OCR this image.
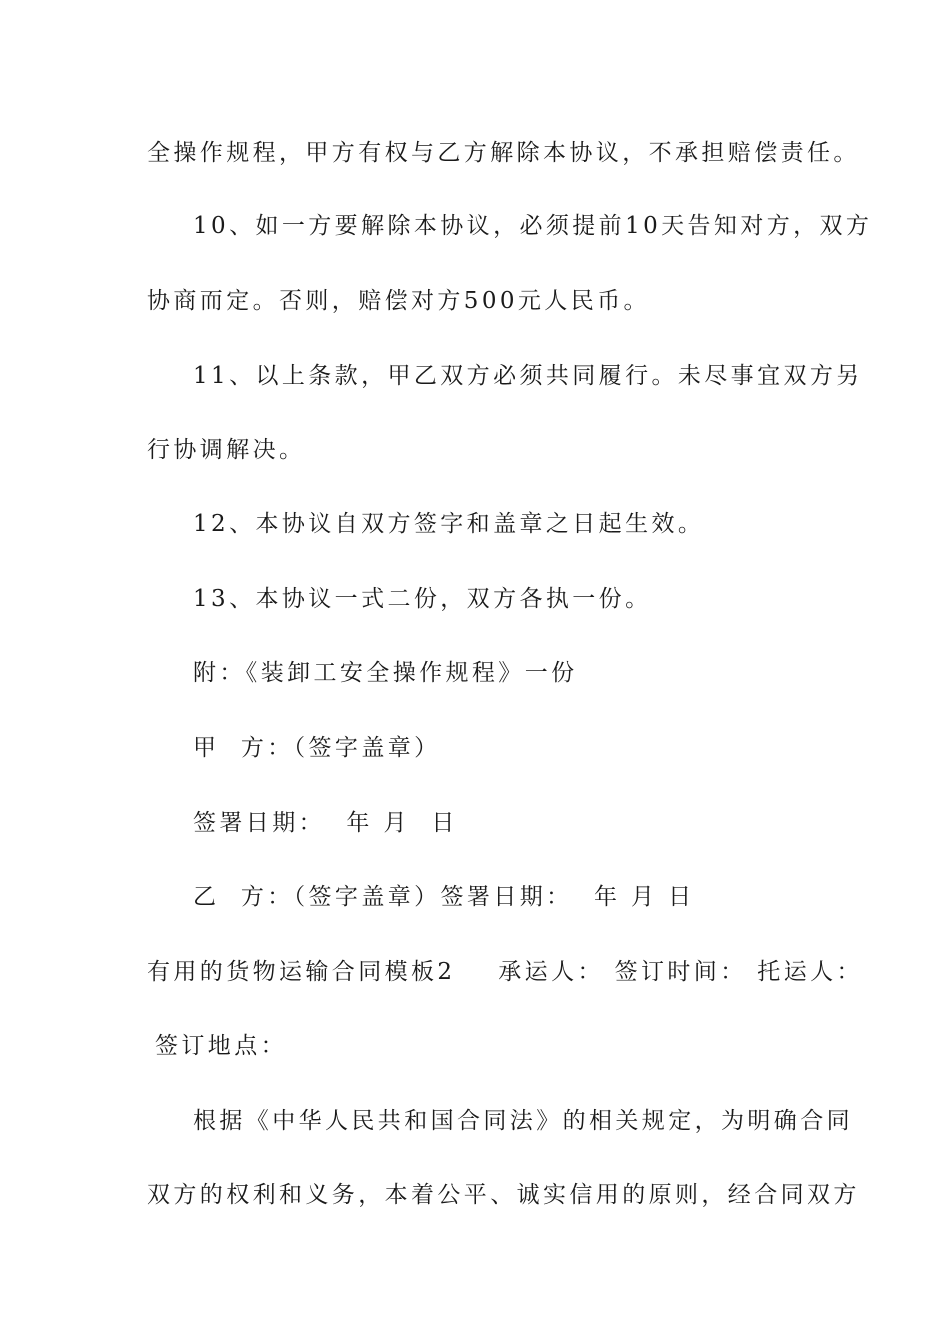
全操作规程，甲方有权与乙方解除本协议，不承担赔偿责任。
10、如一方要解除本协议，必须提前10天告知对方，双方
协商而定。否则，赔偿对方500元人民币。
11、以上条款，甲乙双方必须共同履行。未尽事宜双方另
行协调解决。
12、本协议自双方签字和盖章之日起生效。
13、本协议一式二份，双方各执一份。
附：《装卸工安全操作规程》一份
甲  方：（签字盖章）
签署日期：  年 月  日
乙  方：（签字盖章）签署日期：  年 月 日
有用的货物运输合同模板2    承运人： 签订时间： 托运人：
签订地点：
根据《中华人民共和国合同法》的相关规定，为明确合同
双方的权利和义务，本着公平、诚实信用的原则，经合同双方
